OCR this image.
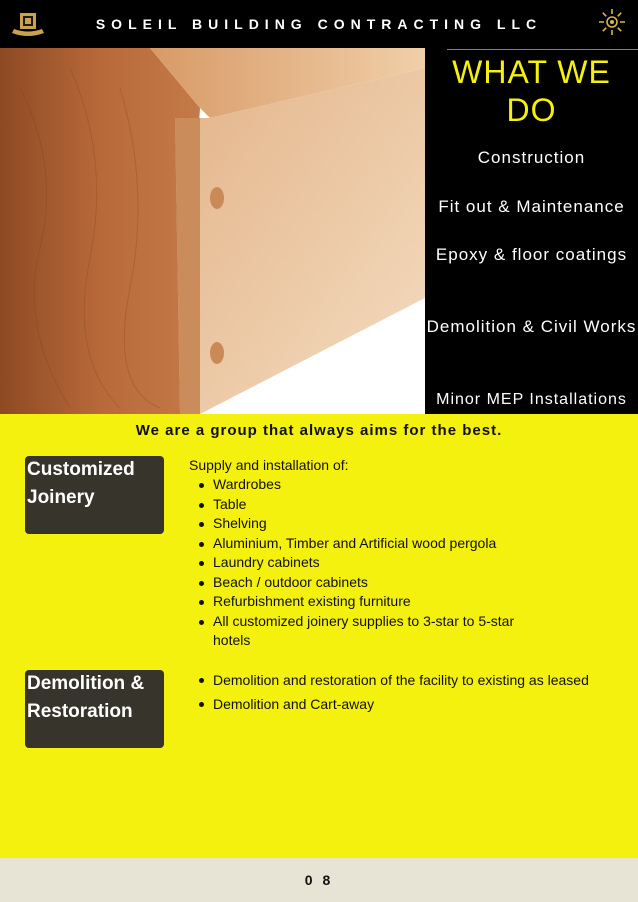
SOLEIL BUILDING CONTRACTING LLC
WHAT WE DO
Construction
Fit out & Maintenance
Epoxy & floor coatings
Demolition & Civil Works
Minor MEP Installations
We are a group that always aims for the best.
Customized
Joinery
Supply and installation of:
Wardrobes
Table
Shelving
Aluminium, Timber and Artificial wood pergola
Laundry cabinets
Beach / outdoor cabinets
Refurbishment existing furniture
All customized joinery supplies to 3-star to 5-star hotels
Demolition &
Restoration
Demolition and restoration of the facility to existing as leased
Demolition and Cart-away
0 8
